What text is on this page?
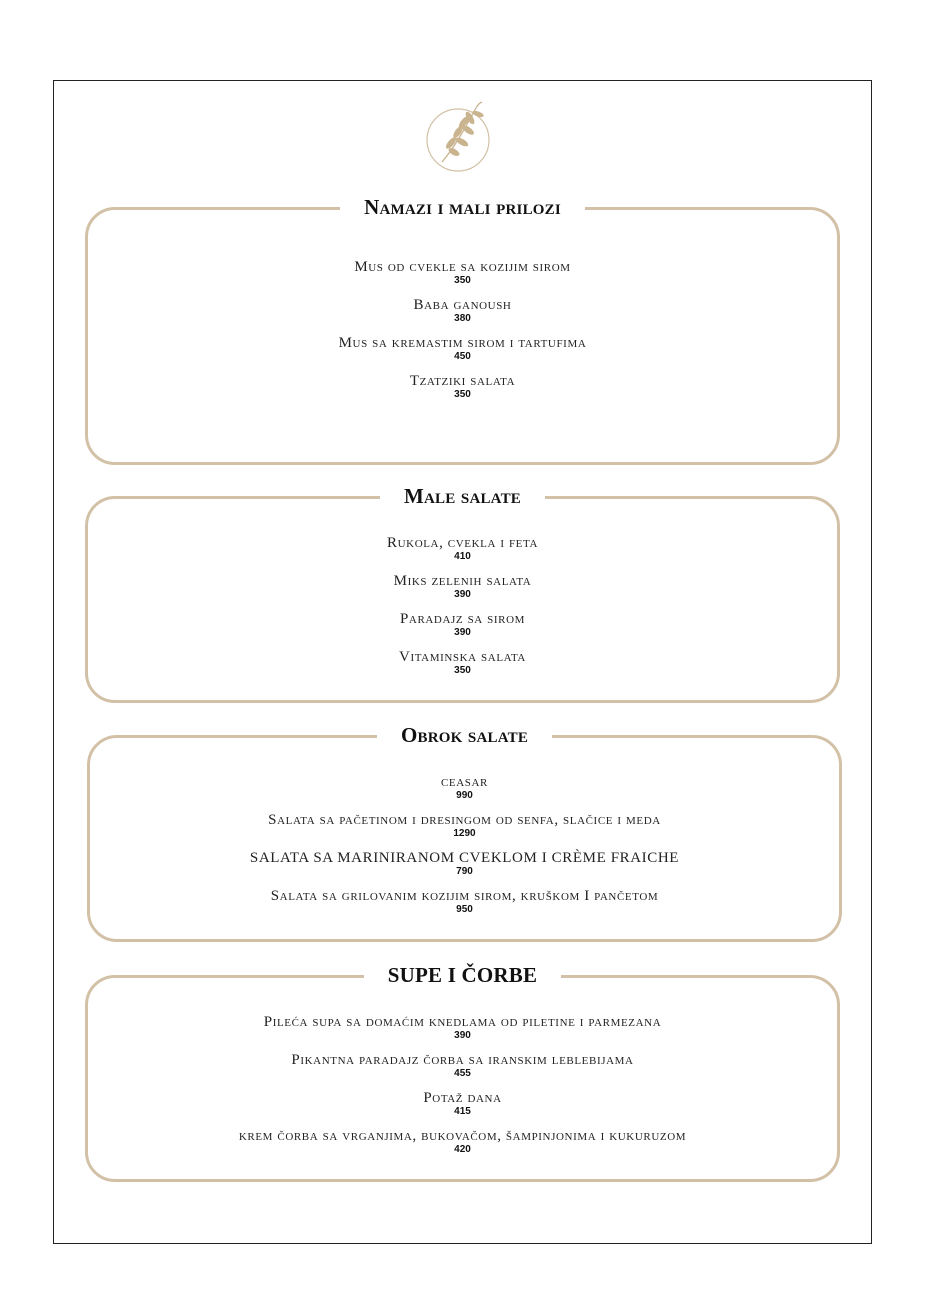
Namazi i mali prilozi
Mus od cvekle sa kozijim sirom
350
Baba ganoush
380
Mus sa kremastim sirom i tartufima
450
Tzatziki salata
350
Male salate
Rukola, cvekla i feta
410
Miks zelenih salata
390
Paradajz sa sirom
390
Vitaminska salata
350
Obrok salate
ceasar
990
Salata sa pačetinom i dresingom od senfa, slačice i meda
1290
SALATA SA MARINIRANOM CVEKLOM I CRÈME FRAICHE
790
Salata sa grilovanim kozijim sirom, kruškom I pančetom
950
SUPE I ČORBE
Pileća supa sa domaćim knedlama od piletine i parmezana
390
Pikantna paradajz čorba sa iranskim leblebijama
455
Potaž dana
415
krem čorba sa vrganjima, bukovačom, šampinjonima i kukuruzom
420
